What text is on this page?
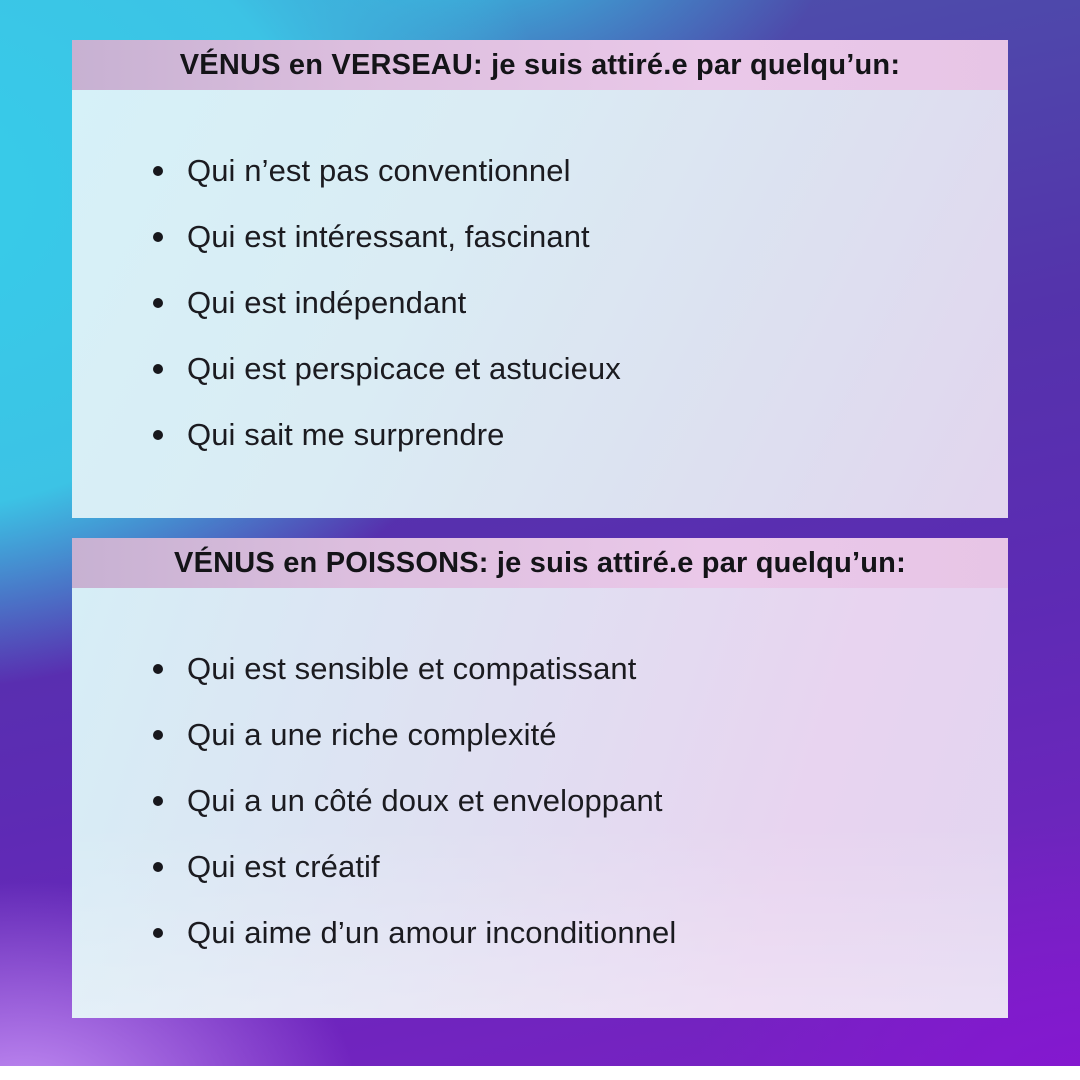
VÉNUS en VERSEAU: je suis attiré.e par quelqu’un:
Qui n’est pas conventionnel
Qui est intéressant, fascinant
Qui est indépendant
Qui est perspicace et astucieux
Qui sait me surprendre
VÉNUS en POISSONS: je suis attiré.e par quelqu’un:
Qui est sensible et compatissant
Qui a une riche complexité
Qui a un côté doux et enveloppant
Qui est créatif
Qui aime d’un amour inconditionnel
